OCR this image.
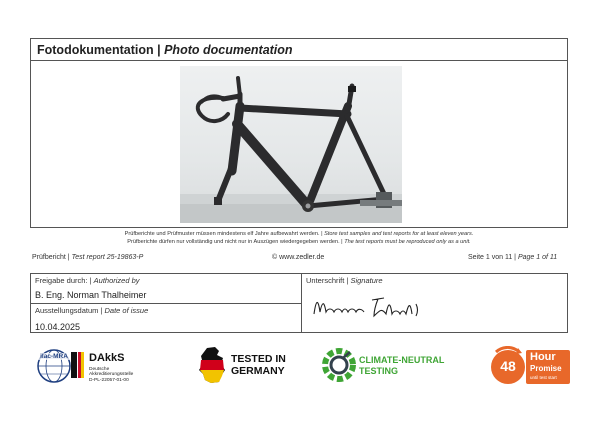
Fotodokumentation | Photo documentation
Prüfberichte und Prüfmuster müssen mindestens elf Jahre aufbewahrt werden. | Store test samples and test reports for at least eleven years.
Prüfberichte dürfen nur vollständig und nicht nur in Auszügen wiedergegeben werden. | The test reports must be reproduced only as a unit.
Prüfbericht | Test report 25-19863-P	© www.zedler.de	Seite 1 von 11 | Page 1 of 11
Freigabe durch: | Authorized by
B. Eng. Norman Thalheimer
Ausstellungsdatum | Date of issue
10.04.2025
Unterschrift | Signature
ilac-MRA	DAkkS
Deutsche
Akkreditierungsstelle
D-PL-22057-01-00
TESTED IN
GERMANY
CLIMATE-NEUTRAL
TESTING	48
Hour
Promise
until test start
